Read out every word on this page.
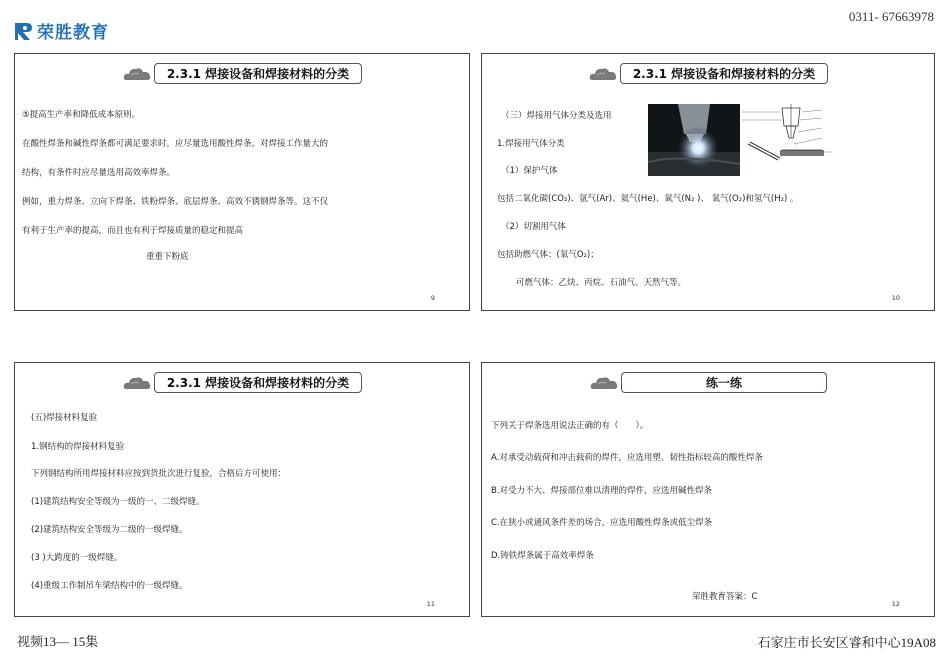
荣胜教育
0311- 67663978
2.3.1 焊接设备和焊接材料的分类
⑤提高生产率和降低成本原则。
在酸性焊条和碱性焊条都可满足要求时，应尽量选用酸性焊条。对焊接工作量大的
结构，有条件时应尽量选用高效率焊条。
例如，重力焊条、立向下焊条、铁粉焊条、底层焊条、高效不锈钢焊条等。这不仅
有利于生产率的提高，而且也有利于焊接质量的稳定和提高
重重下粉底
9
2.3.1 焊接设备和焊接材料的分类
（三）焊接用气体分类及选用
1.焊接用气体分类
（1）保护气体
包括二氧化碳(CO₂)、氩气(Ar)、氦气(He)、氮气(N₂ )、 氧气(O₂)和氢气(H₂) 。
（2）切割用气体
包括助燃气体：(氧气O₂)；
可燃气体：乙炔、丙烷、石油气、天然气等。
10
2.3.1 焊接设备和焊接材料的分类
(五)焊接材料复验
1.钢结构的焊接材料复验
下列钢结构所用焊接材料应按到货批次进行复验，合格后方可使用：
(1)建筑结构安全等级为一级的一、二级焊缝。
(2)建筑结构安全等级为二级的一级焊缝。
(3 )大跨度的一级焊缝。
(4)重级工作制吊车梁结构中的一级焊缝。
11
练一练
下列关于焊条选用说法正确的有（　　）。
A.对承受动载荷和冲击载荷的焊件，应选用塑、韧性指标较高的酸性焊条
B.对受力不大、焊接部位难以清理的焊件，应选用碱性焊条
C.在狭小或通风条件差的场合，应选用酸性焊条或低尘焊条
D.铸铁焊条属于高效率焊条
荣胜教育答案：C
12
视频13— 15集	石家庄市长安区睿和中心19A08
